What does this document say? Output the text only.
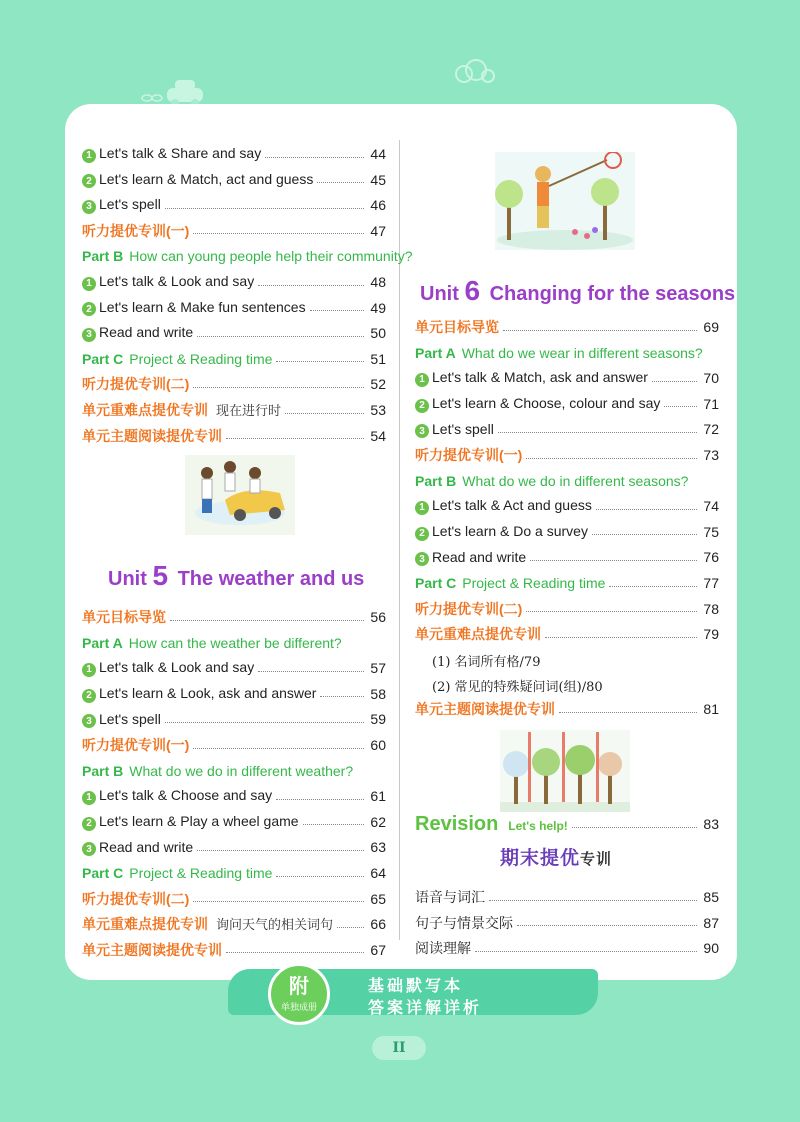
1 Let's talk & Share and say	44
2 Let's learn & Match, act and guess	45
3 Let's spell	46
听力提优专训(一)	47
Part B How can young people help their community?
1 Let's talk & Look and say	48
2 Let's learn & Make fun sentences	49
3 Read and write	50
Part C Project & Reading time	51
听力提优专训(二)	52
单元重难点提优专训 现在进行时	53
单元主题阅读提优专训	54
Unit 5 The weather and us
单元目标导览	56
Part A How can the weather be different?
1 Let's talk & Look and say	57
2 Let's learn & Look, ask and answer	58
3 Let's spell	59
听力提优专训(一)	60
Part B What do we do in different weather?
1 Let's talk & Choose and say	61
2 Let's learn & Play a wheel game	62
3 Read and write	63
Part C Project & Reading time	64
听力提优专训(二)	65
单元重难点提优专训 询问天气的相关词句	66
单元主题阅读提优专训	67
Unit 6 Changing for the seasons
单元目标导览	69
Part A What do we wear in different seasons?
1 Let's talk & Match, ask and answer	70
2 Let's learn & Choose, colour and say	71
3 Let's spell	72
听力提优专训(一)	73
Part B What do we do in different seasons?
1 Let's talk & Act and guess	74
2 Let's learn & Do a survey	75
3 Read and write	76
Part C Project & Reading time	77
听力提优专训(二)	78
单元重难点提优专训	79
(1) 名词所有格/79
(2) 常见的特殊疑问词(组)/80
单元主题阅读提优专训	81
Revision Let's help!	83
期末提优专训
语音与词汇	85
句子与情景交际	87
阅读理解	90
附
单独成册
基础默写本
答案详解详析
II
